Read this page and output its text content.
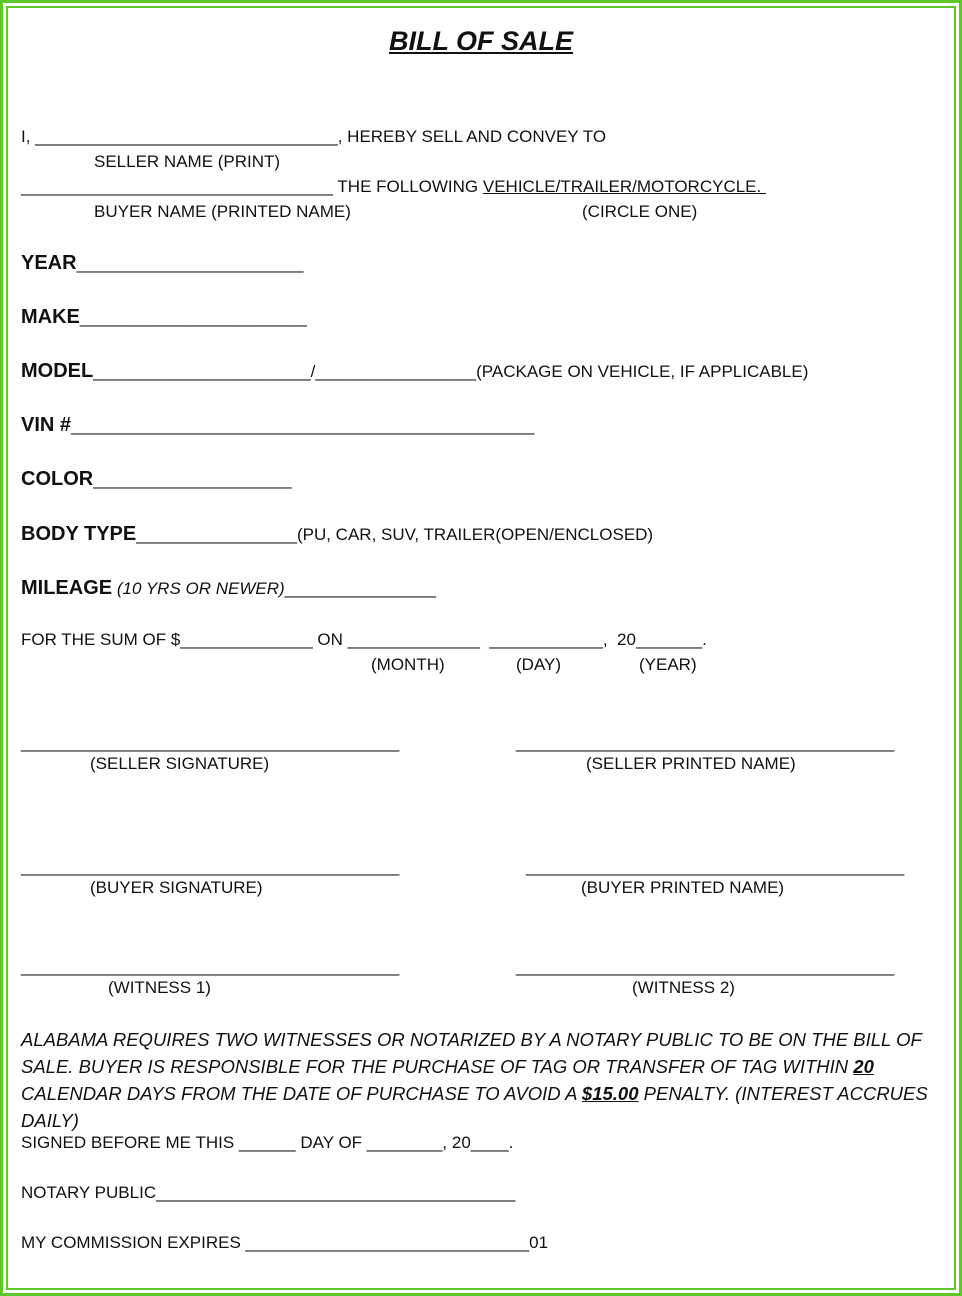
BILL OF SALE
I, ________________________________, HEREBY SELL AND CONVEY TO
SELLER NAME (PRINT)
_________________________________ THE FOLLOWING VEHICLE/TRAILER/MOTORCYCLE.
BUYER NAME (PRINTED NAME)	(CIRCLE ONE)
YEAR________________________
MAKE________________________
MODEL_______________________/_________________(PACKAGE ON VEHICLE, IF APPLICABLE)
VIN #_________________________________________________
COLOR_____________________
BODY TYPE_________________(PU, CAR, SUV, TRAILER(OPEN/ENCLOSED)
MILEAGE (10 YRS OR NEWER)________________
FOR THE SUM OF $______________ ON ______________  ____________,  20_______.
(MONTH)	(DAY)	(YEAR)
________________________________________	________________________________________
(SELLER SIGNATURE)	(SELLER PRINTED NAME)
________________________________________	________________________________________
(BUYER SIGNATURE)	(BUYER PRINTED NAME)
________________________________________	________________________________________
(WITNESS 1)	(WITNESS 2)
ALABAMA REQUIRES TWO WITNESSES OR NOTARIZED BY A NOTARY PUBLIC TO BE ON THE BILL OF SALE. BUYER IS RESPONSIBLE FOR THE PURCHASE OF TAG OR TRANSFER OF TAG WITHIN 20 CALENDAR DAYS FROM THE DATE OF PURCHASE TO AVOID A $15.00 PENALTY. (INTEREST ACCRUES DAILY)
SIGNED BEFORE ME THIS ______ DAY OF ________, 20____.
NOTARY PUBLIC______________________________________
MY COMMISSION EXPIRES ______________________________01
